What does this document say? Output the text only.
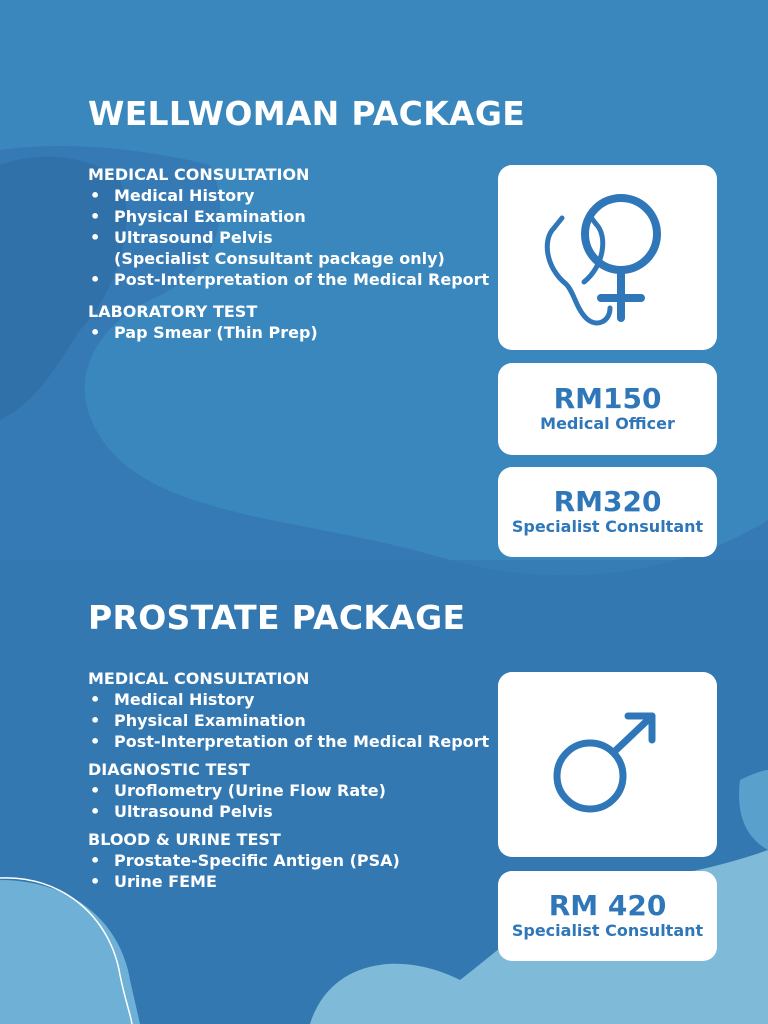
WELLWOMAN PACKAGE

MEDICAL CONSULTATION

• Medical History
• Physical Examination
• Ultrasound Pelvis
(Specialist Consultant package only)
• Post-Interpretation of the Medical Report

LABORATORY TEST

• Pap Smear (Thin Prep)
RM150
Medical Officer
RM320
Specialist Consultant
PROSTATE PACKAGE

MEDICAL CONSULTATION

• Medical History
• Physical Examination
• Post-Interpretation of the Medical Report

DIAGNOSTIC TEST

• Uroflometry (Urine Flow Rate)
• Ultrasound Pelvis

BLOOD & URINE TEST

• Prostate-Specific Antigen (PSA)
• Urine FEME
RM 420
Specialist Consultant
